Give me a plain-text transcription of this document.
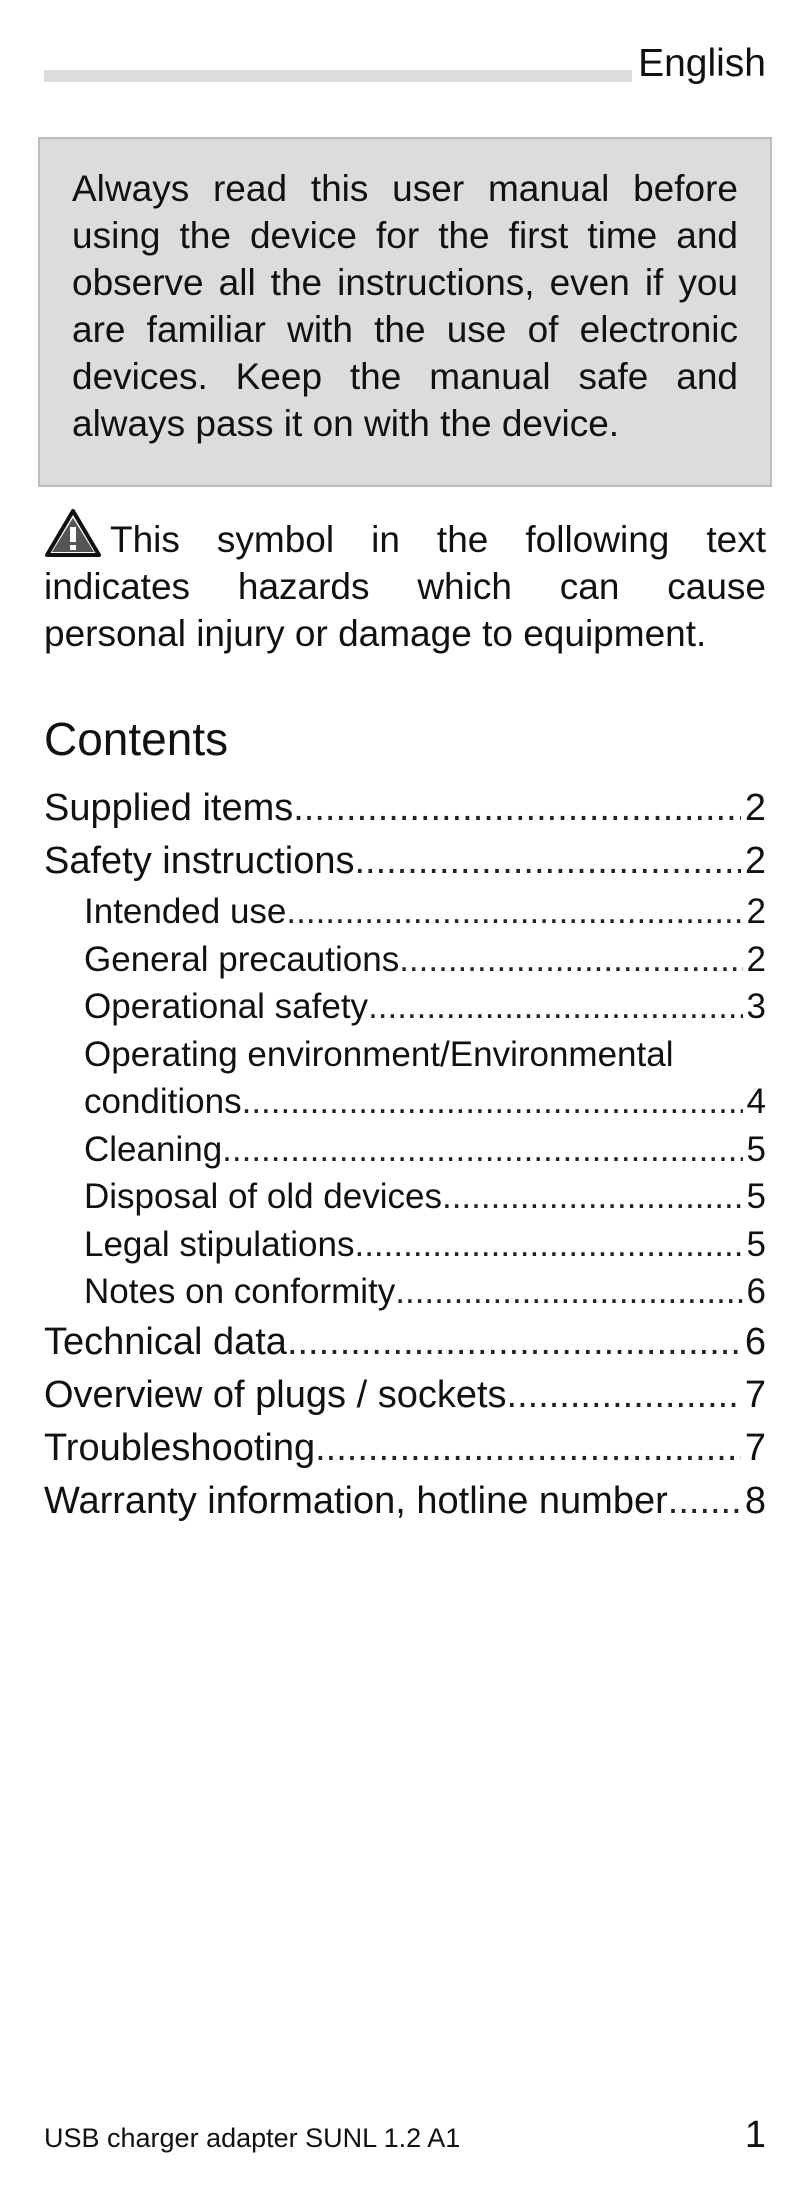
English
Always read this user manual before using the device for the first time and observe all the instructions, even if you are familiar with the use of electronic devices. Keep the manual safe and always pass it on with the device.
This symbol in the following text indicates hazards which can cause personal injury or damage to equipment.
Contents
Supplied items .....	2
Safety instructions .....	2
Intended use .....	2
General precautions .....	2
Operational safety .....	3
Operating environment/Environmental
conditions .....	4
Cleaning .....	5
Disposal of old devices .....	5
Legal stipulations .....	5
Notes on conformity .....	6
Technical data .....	6
Overview of plugs / sockets .....	7
Troubleshooting .....	7
Warranty information, hotline number ..... 8
USB charger adapter SUNL 1.2 A1	1
